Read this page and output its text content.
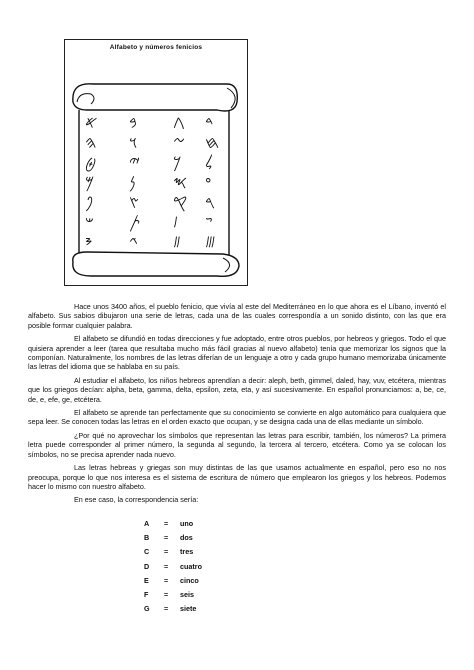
Alfabeto y números fenicios
𐤀 𐤁 𐤂 𐤃
𐤄 𐤅 𐤆 𐤇
𐤈 𐤉 𐤊 𐤋
𐤌 𐤍 𐤎 𐤏
𐤐 𐤑 𐤒 𐤓
𐤔 𐤕 𐤖 𐤗
𐤘 𐤙 𐤚 𐤛

Hace unos 3400 años, el pueblo fenicio, que vivía al este del Mediterráneo en lo que ahora es el Líbano, inventó el alfabeto. Sus sabios dibujaron una serie de letras, cada una de las cuales correspondía a un sonido distinto, con las que era posible formar cualquier palabra.

El alfabeto se difundió en todas direcciones y fue adoptado, entre otros pueblos, por hebreos y griegos. Todo el que quisiera aprender a leer (tarea que resultaba mucho más fácil gracias al nuevo alfabeto) tenía que memorizar los signos que la componían. Naturalmente, los nombres de las letras diferían de un lenguaje a otro y cada grupo humano memorizaba únicamente las letras del idioma que se hablaba en su país.

Al estudiar el alfabeto, los niños hebreos aprendían a decir: aleph, beth, gimmel, daled, hay, vuv, etcétera, mientras que los griegos decían: alpha, beta, gamma, delta, epsilon, zeta, eta, y así sucesivamente. En español pronunciamos: a, be, ce, de, e, efe, ge, etcétera.

El alfabeto se aprende tan perfectamente que su conocimiento se convierte en algo automático para cualquiera que sepa leer. Se conocen todas las letras en el orden exacto que ocupan, y se designa cada una de ellas mediante un símbolo.

¿Por qué no aprovechar los símbolos que representan las letras para escribir, también, los números? La primera letra puede corresponder al primer número, la segunda al segundo, la tercera al tercero, etcétera. Como ya se colocan los símbolos, no se precisa aprender nada nuevo.

Las letras hebreas y griegas son muy distintas de las que usamos actualmente en español, pero eso no nos preocupa, porque lo que nos interesa es el sistema de escritura de número que emplearon los griegos y los hebreos. Podemos hacer lo mismo con nuestro alfabeto.

En ese caso, la correspondencia sería:

A = uno
B = dos
C = tres
D = cuatro
E = cinco
F = seis
G = siete
